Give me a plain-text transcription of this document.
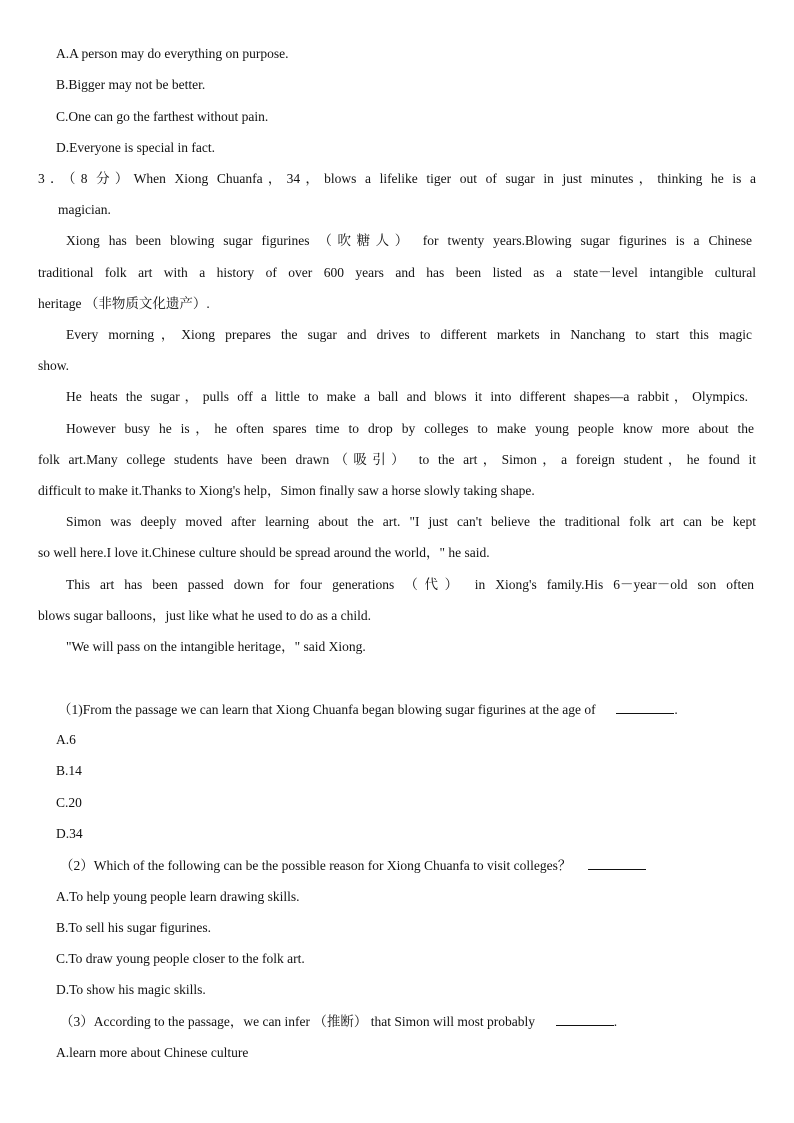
A.A person may do everything on purpose.
B.Bigger may not be better.
C.One can go the farthest without pain.
D.Everyone is special in fact.
3．（8 分）When Xiong Chuanfa，34，blows a lifelike tiger out of sugar in just minutes，thinking he is a
magician.
Xiong has been blowing sugar figurines （吹糖人） for twenty years.Blowing sugar figurines is a Chinese
traditional folk art with a history of over 600 years and has been listed as a state－level intangible cultural
heritage （非物质文化遗产）.
Every morning，Xiong prepares the sugar and drives to different markets in Nanchang to start this magic
show.
He heats the sugar，pulls off a little to make a ball and blows it into different shapes—a rabbit，Olympics.
However busy he is，he often spares time to drop by colleges to make young people know more about the
folk art.Many college students have been drawn（吸引） to the art，Simon，a foreign student，he found it
difficult to make it.Thanks to Xiong's help，Simon finally saw a horse slowly taking shape.
Simon was deeply moved after learning about the art. "I just can't believe the traditional folk art can be kept
so well here.I love it.Chinese culture should be spread around the world，" he said.
This art has been passed down for four generations （代） in Xiong's family.His 6－year－old son often
blows sugar balloons，just like what he used to do as a child.
"We will pass on the intangible heritage，" said Xiong.
（1)From the passage we can learn that Xiong Chuanfa began blowing sugar figurines at the age of	.
A.6
B.14
C.20
D.34
（2）Which of the following can be the possible reason for Xiong Chuanfa to visit colleges？
A.To help young people learn drawing skills.
B.To sell his sugar figurines.
C.To draw young people closer to the folk art.
D.To show his magic skills.
（3）According to the passage，we can infer （推断） that Simon will most probably	.
A.learn more about Chinese culture
